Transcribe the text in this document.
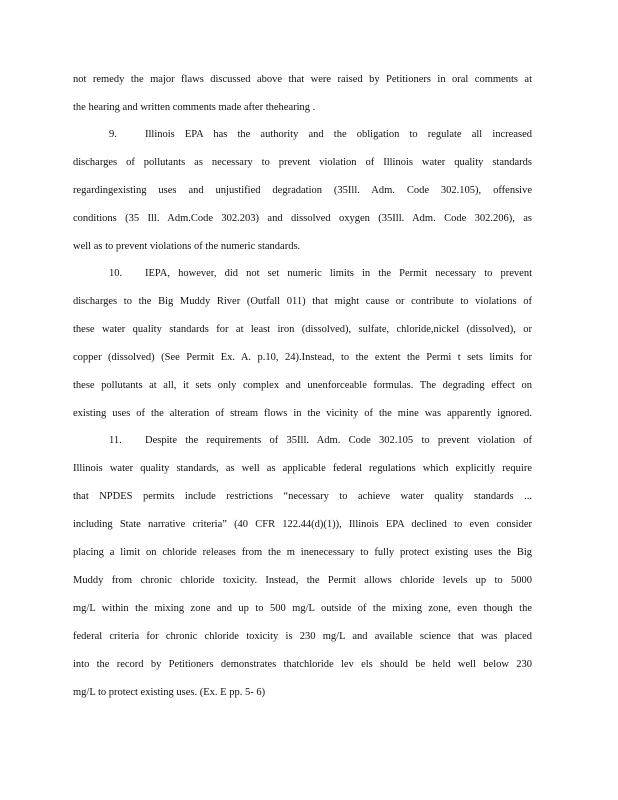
not remedy the major flaws discussed above that were raised by Petitioners in oral comments at
the hearing and written comments made after thehearing .
9.	Illinois EPA has the authority and the obligation to regulate all increased
discharges of pollutants as necessary to prevent violation of Illinois water quality standards
regardingexisting uses and unjustified degradation (35Ill. Adm. Code 302.105), offensive
conditions (35 Ill. Adm.Code 302.203) and dissolved oxygen (35Ill. Adm. Code 302.206), as
well as to prevent violations of the numeric standards.
10. IEPA, however, did not set numeric limits in the Permit necessary to prevent
discharges to the Big Muddy River (Outfall 011) that might cause or contribute to violations of
these water quality standards for at least iron (dissolved), sulfate, chloride,nickel (dissolved), or
copper (dissolved) (See Permit Ex. A. p.10, 24).Instead, to the extent the Permi t sets limits for
these pollutants at all, it sets only complex and unenforceable formulas. The degrading effect on
existing uses of the alteration of stream flows in the vicinity of the mine was apparently ignored.
11. Despite the requirements of 35Ill. Adm. Code 302.105 to prevent violation of
Illinois water quality standards, as well as applicable federal regulations which explicitly require
that NPDES permits include restrictions “necessary to achieve water quality standards ...
including State narrative criteria” (40 CFR 122.44(d)(1)), Illinois EPA declined to even consider
placing a limit on chloride releases from the m inenecessary to fully protect existing uses the Big
Muddy from chronic chloride toxicity. Instead, the Permit allows chloride levels up to 5000
mg/L within the mixing zone and up to 500 mg/L outside of the mixing zone, even though the
federal criteria for chronic chloride toxicity is 230 mg/L and available science that was placed
into the record by Petitioners demonstrates thatchloride lev els should be held well below 230
mg/L to protect existing uses. (Ex. E pp. 5- 6)
